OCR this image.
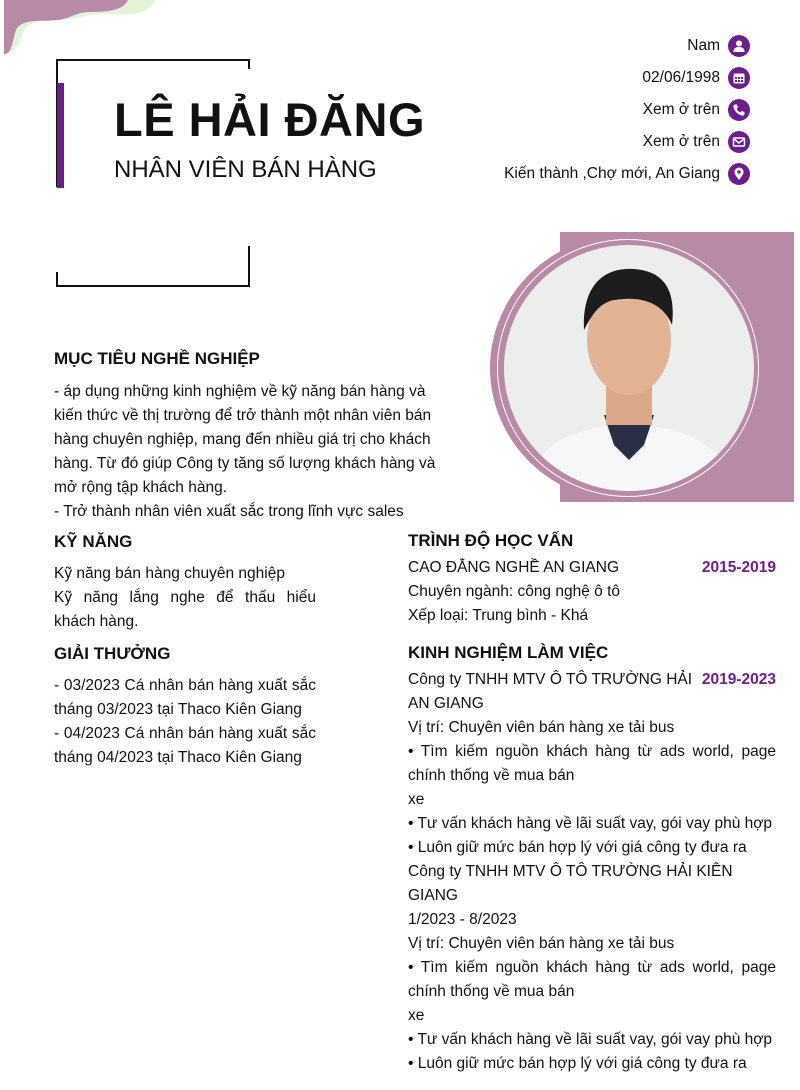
LÊ HẢI ĐĂNG
NHÂN VIÊN BÁN HÀNG
Nam
02/06/1998
Xem ở trên
Xem ở trên
Kiến thành ,Chợ mới, An Giang
MỤC TIÊU NGHỀ NGHIỆP
- áp dụng những kinh nghiệm về kỹ năng bán hàng và
kiến thức về thị trường để trở thành một nhân viên bán
hàng chuyên nghiệp, mang đến nhiều giá trị cho khách
hàng. Từ đó giúp Công ty tăng số lượng khách hàng và
mở rộng tập khách hàng.
- Trở thành nhân viên xuất sắc trong lĩnh vực sales
KỸ NĂNG
Kỹ năng bán hàng chuyên nghiệp
Kỹ năng lắng nghe để thấu hiểu khách hàng.
GIẢI THƯỞNG
- 03/2023 Cá nhân bán hàng xuất sắc tháng 03/2023 tại Thaco Kiên Giang
- 04/2023 Cá nhân bán hàng xuất sắc tháng 04/2023 tại Thaco Kiên Giang
TRÌNH ĐỘ HỌC VẤN
CAO ĐẲNG NGHỀ AN GIANG	2015-2019
Chuyên ngành: công nghệ ô tô
Xếp loại: Trung bình - Khá
KINH NGHIỆM LÀM VIỆC
Công ty TNHH MTV Ô TÔ TRƯỜNG HẢI AN GIANG
2019-2023
Vị trí: Chuyên viên bán hàng xe tải bus
• Tìm kiếm nguồn khách hàng từ ads world, page chính thống về mua bán
xe
• Tư vấn khách hàng về lãi suất vay, gói vay phù hợp
• Luôn giữ mức bán hợp lý với giá công ty đưa ra
Công ty TNHH MTV Ô TÔ TRƯỜNG HẢI KIÊN GIANG
1/2023 - 8/2023
Vị trí: Chuyên viên bán hàng xe tải bus
• Tìm kiếm nguồn khách hàng từ ads world, page chính thống về mua bán
xe
• Tư vấn khách hàng về lãi suất vay, gói vay phù hợp
• Luôn giữ mức bán hợp lý với giá công ty đưa ra
